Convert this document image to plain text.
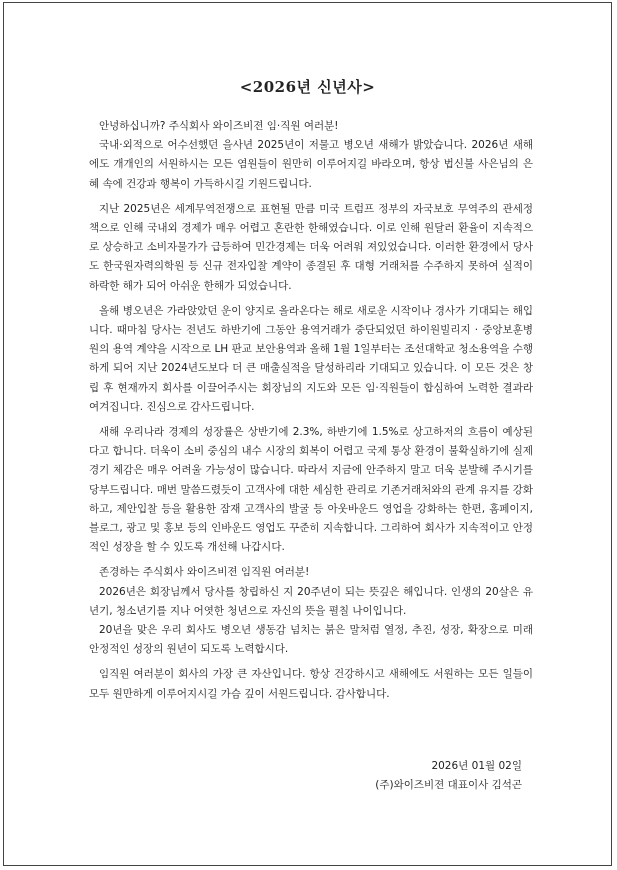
<2026년 신년사>

안녕하십니까? 주식회사 와이즈비젼 임·직원 여러분!

국내·외적으로 어수선했던 을사년 2025년이 저물고 병오년 새해가 밝았습니다. 2026년 새해에도 개개인의 서원하시는 모든 염원들이 원만히 이루어지길 바라오며, 항상 법신불 사은님의 은혜 속에 건강과 행복이 가득하시길 기원드립니다.

지난 2025년은 세계무역전쟁으로 표현될 만큼 미국 트럼프 정부의 자국보호 무역주의 관세정책으로 인해 국내외 경제가 매우 어렵고 혼란한 한해였습니다. 이로 인해 원달러 환율이 지속적으로 상승하고 소비자물가가 급등하여 민간경제는 더욱 어려워 져있었습니다. 이러한 환경에서 당사도 한국원자력의학원 등 신규 전자입찰 계약이 종결된 후 대형 거래처를 수주하지 못하여 실적이 하락한 해가 되어 아쉬운 한해가 되었습니다.

올해 병오년은 가라앉았던 운이 양지로 올라온다는 해로 새로운 시작이나 경사가 기대되는 해입니다. 때마침 당사는 전년도 하반기에 그동안 용역거래가 중단되었던 하이원빌리지 · 중앙보훈병원의 용역 계약을 시작으로 LH 판교 보안용역과 올해 1월 1일부터는 조선대학교 청소용역을 수행하게 되어 지난 2024년도보다 더 큰 매출실적을 달성하리라 기대되고 있습니다. 이 모든 것은 창립 후 현재까지 회사를 이끌어주시는 회장님의 지도와 모든 임·직원들이 합심하여 노력한 결과라 여겨집니다. 진심으로 감사드립니다.

새해 우리나라 경제의 성장률은 상반기에 2.3%, 하반기에 1.5%로 상고하저의 흐름이 예상된다고 합니다. 더욱이 소비 중심의 내수 시장의 회복이 어렵고 국제 통상 환경이 불확실하기에 실제 경기 체감은 매우 어려울 가능성이 많습니다. 따라서 지금에 안주하지 말고 더욱 분발해 주시기를 당부드립니다. 매번 말씀드렸듯이 고객사에 대한 세심한 관리로 기존거래처와의 관계 유지를 강화하고, 제안입찰 등을 활용한 잠재 고객사의 발굴 등 아웃바운드 영업을 강화하는 한편, 홈페이지, 블로그, 광고 및 홍보 등의 인바운드 영업도 꾸준히 지속합니다. 그리하여 회사가 지속적이고 안정적인 성장을 할 수 있도록 개선해 나갑시다.

존경하는 주식회사 와이즈비젼 임직원 여러분!

2026년은 회장님께서 당사를 창립하신 지 20주년이 되는 뜻깊은 해입니다. 인생의 20살은 유년기, 청소년기를 지나 어엿한 청년으로 자신의 뜻을 펼칠 나이입니다.

20년을 맞은 우리 회사도 병오년 생동감 넘치는 붉은 말처럼 열정, 추진, 성장, 확장으로 미래 안정적인 성장의 원년이 되도록 노력합시다.

임직원 여러분이 회사의 가장 큰 자산입니다. 항상 건강하시고 새해에도 서원하는 모든 일들이 모두 원만하게 이루어지시길 가슴 깊이 서원드립니다. 감사합니다.

2026년 01월 02일
(주)와이즈비젼 대표이사 김석곤
